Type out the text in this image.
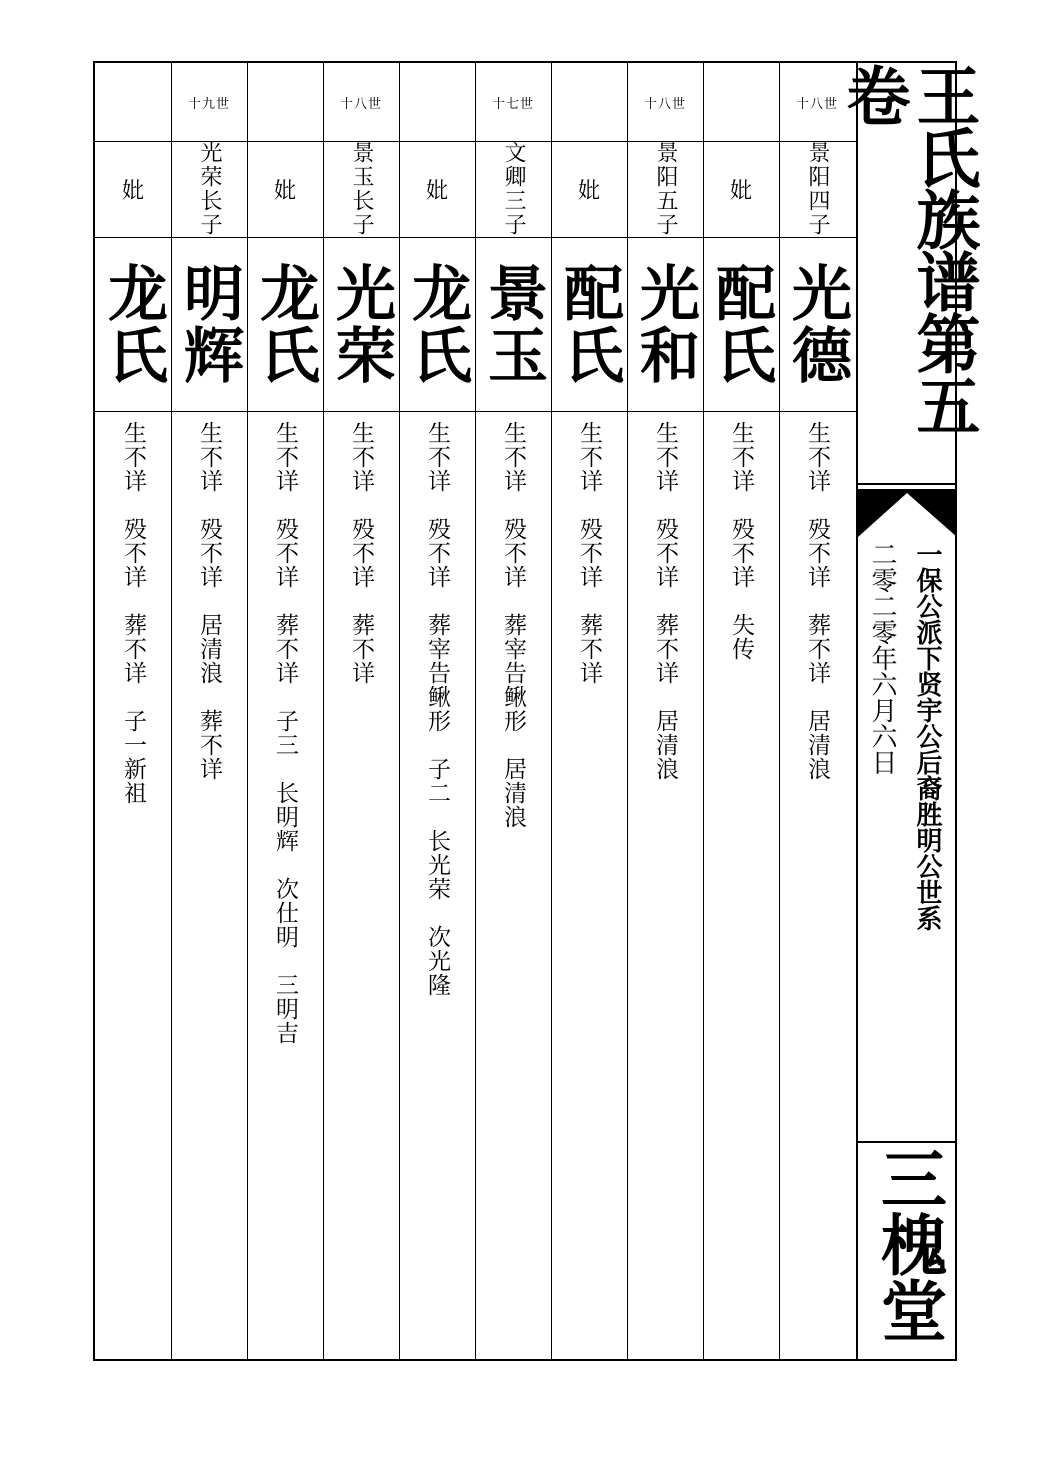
十八世
景阳四子
光德
生不详　殁不详　葬不详　居清浪
妣
配氏
生不详　殁不详　失传
十八世
景阳五子
光和
生不详　殁不详　葬不详　居清浪
妣
配氏
生不详　殁不详　葬不详
十七世
文卿三子
景玉
生不详　殁不详　葬宰告鳅形　居清浪
妣
龙氏
生不详　殁不详　葬宰告鳅形　子二　长光荣　次光隆
十八世
景玉长子
光荣
生不详　殁不详　葬不详
妣
龙氏
生不详　殁不详　葬不详　子三　长明辉　次仕明　三明吉
十九世
光荣长子
明辉
生不详　殁不详　居清浪　葬不详
妣
龙氏
生不详　殁不详　葬不详　子一新祖
王氏族谱第五卷
一保公派下贤宇公后裔胜明公世系
二零二零年六月六日
三槐堂
